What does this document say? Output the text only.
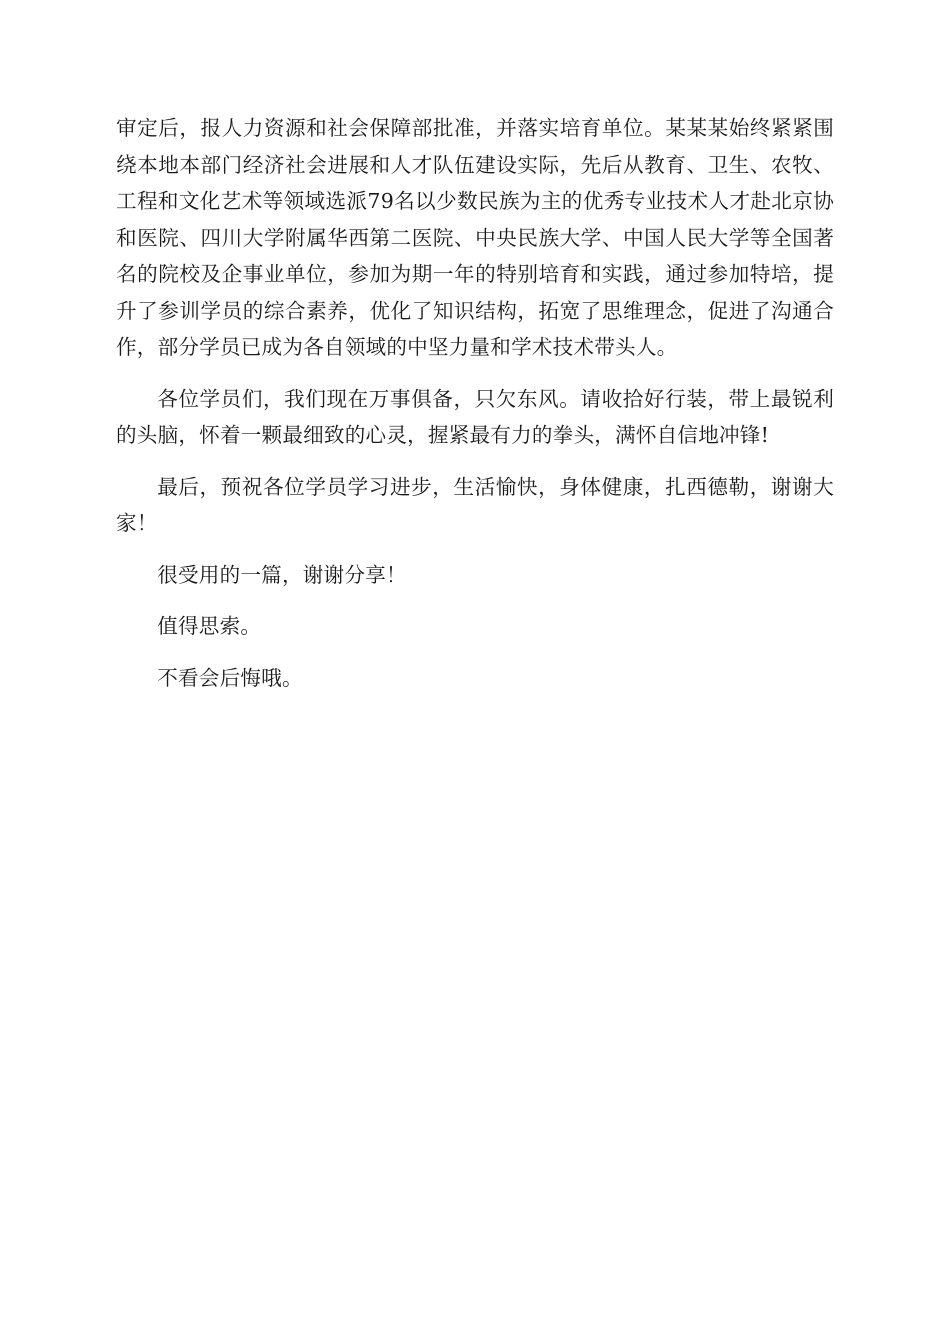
审定后，报人力资源和社会保障部批准，并落实培育单位。某某某始终紧紧围绕本地本部门经济社会进展和人才队伍建设实际，先后从教育、卫生、农牧、工程和文化艺术等领域选派79名以少数民族为主的优秀专业技术人才赴北京协和医院、四川大学附属华西第二医院、中央民族大学、中国人民大学等全国著名的院校及企事业单位，参加为期一年的特别培育和实践，通过参加特培，提升了参训学员的综合素养，优化了知识结构，拓宽了思维理念，促进了沟通合作，部分学员已成为各自领域的中坚力量和学术技术带头人。

各位学员们，我们现在万事俱备，只欠东风。请收拾好行装，带上最锐利的头脑，怀着一颗最细致的心灵，握紧最有力的拳头，满怀自信地冲锋!

最后，预祝各位学员学习进步，生活愉快，身体健康，扎西德勒，谢谢大家！

很受用的一篇，谢谢分享！

值得思索。

不看会后悔哦。
